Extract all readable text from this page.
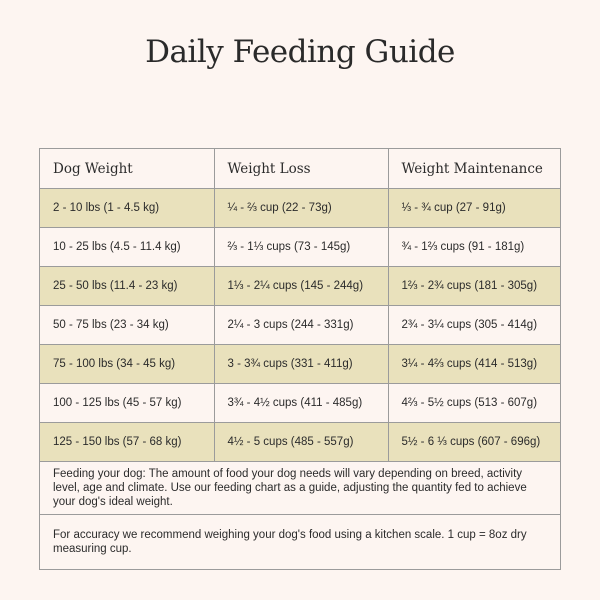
Daily Feeding Guide
Dog Weight	Weight Loss	Weight Maintenance
2 - 10 lbs (1 - 4.5 kg)	¼ - ⅔ cup (22 - 73g)	⅓ - ¾ cup (27 - 91g)
10 - 25 lbs (4.5 - 11.4 kg)	⅔ - 1⅓ cups (73 - 145g)	¾ - 1⅔ cups (91 - 181g)
25 - 50 lbs (11.4 - 23 kg)	1⅓ - 2¼ cups (145 - 244g)	1⅔ - 2¾ cups (181 - 305g)
50 - 75 lbs (23 - 34 kg)	2¼ - 3 cups (244 - 331g)	2¾ - 3¼ cups (305 - 414g)
75 - 100 lbs (34 - 45 kg)	3 - 3¾ cups (331 - 411g)	3¼ - 4⅔ cups (414 - 513g)
100 - 125 lbs (45 - 57 kg)	3¾ - 4½ cups (411 - 485g)	4⅔ - 5½ cups (513 - 607g)
125 - 150 lbs (57 - 68 kg)	4½ - 5 cups (485 - 557g)	5½ - 6 ⅓ cups (607 - 696g)
Feeding your dog: The amount of food your dog needs will vary depending on breed, activity level, age and climate. Use our feeding chart as a guide, adjusting the quantity fed to achieve your dog's ideal weight.
For accuracy we recommend weighing your dog's food using a kitchen scale. 1 cup = 8oz dry measuring cup.
